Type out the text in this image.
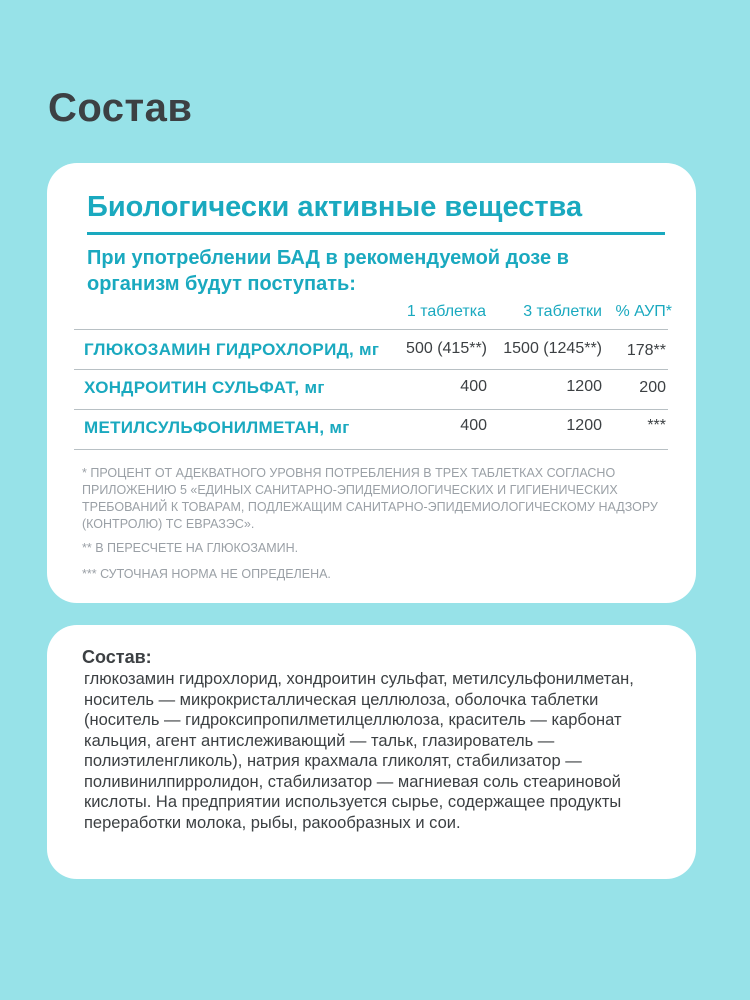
Состав
Биологически активные вещества
При употреблении БАД в рекомендуемой дозе в организм будут поступать:
1 таблетка 3 таблетки % АУП*
ГЛЮКОЗАМИН ГИДРОХЛОРИД, мг 500 (415**) 1500 (1245**) 178**
ХОНДРОИТИН СУЛЬФАТ, мг	400	1200 200
МЕТИЛСУЛЬФОНИЛМЕТАН, мг	400	1200	***
* ПРОЦЕНТ ОТ АДЕКВАТНОГО УРОВНЯ ПОТРЕБЛЕНИЯ В ТРЕХ ТАБЛЕТКАХ СОГЛАСНО ПРИЛОЖЕНИЮ 5 «ЕДИНЫХ САНИТАРНО-ЭПИДЕМИОЛОГИЧЕСКИХ И ГИГИЕНИЧЕСКИХ ТРЕБОВАНИЙ К ТОВАРАМ, ПОДЛЕЖАЩИМ САНИТАРНО-ЭПИДЕМИОЛОГИЧЕСКОМУ НАДЗОРУ (КОНТРОЛЮ) ТС ЕВРАЗЭС».
** В ПЕРЕСЧЕТЕ НА ГЛЮКОЗАМИН.
*** СУТОЧНАЯ НОРМА НЕ ОПРЕДЕЛЕНА.
Состав:
глюкозамин гидрохлорид, хондроитин сульфат, метилсульфонилметан, носитель — микрокристаллическая целлюлоза, оболочка таблетки (носитель — гидроксипропилметилцеллюлоза, краситель — карбонат кальция, агент антислеживающий — тальк, глазирователь — полиэтиленгликоль), натрия крахмала гликолят, стабилизатор — поливинилпирролидон, стабилизатор — магниевая соль стеариновой кислоты. На предприятии используется сырье, содержащее продукты переработки молока, рыбы, ракообразных и сои.
